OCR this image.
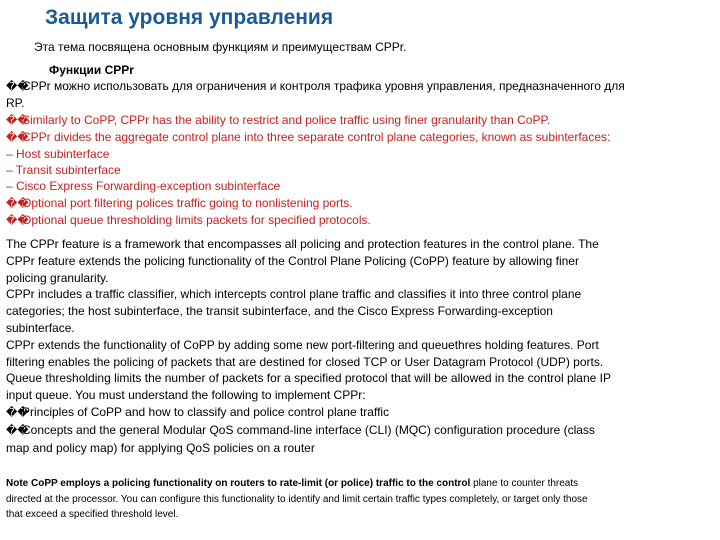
Защита уровня управления
Эта тема посвящена основным функциям и преимуществам CPPr.
Функции CPPr
��CPPr можно использовать для ограничения и контроля трафика уровня управления, предназначенного для
RP.
��Similarly to CoPP, CPPr has the ability to restrict and police traffic using finer granularity than CoPP.
��CPPr divides the aggregate control plane into three separate control plane categories, known as subinterfaces:
– Host subinterface
– Transit subinterface
– Cisco Express Forwarding-exception subinterface
��Optional port filtering polices traffic going to nonlistening ports.
��Optional queue thresholding limits packets for specified protocols.
The CPPr feature is a framework that encompasses all policing and protection features in the control plane. The
CPPr feature extends the policing functionality of the Control Plane Policing (CoPP) feature by allowing finer
policing granularity.
CPPr includes a traffic classifier, which intercepts control plane traffic and classifies it into three control plane
categories; the host subinterface, the transit subinterface, and the Cisco Express Forwarding-exception
subinterface.
CPPr extends the functionality of CoPP by adding some new port-filtering and queuethres holding features. Port
filtering enables the policing of packets that are destined for closed TCP or User Datagram Protocol (UDP) ports.
Queue thresholding limits the number of packets for a specified protocol that will be allowed in the control plane IP
input queue. You must understand the following to implement CPPr:
��Principles of CoPP and how to classify and police control plane traffic
��Concepts and the general Modular QoS command-line interface (CLI) (MQC) configuration procedure (class
map and policy map) for applying QoS policies on a router
Note CoPP employs a policing functionality on routers to rate-limit (or police) traffic to the control plane to counter threats
directed at the processor. You can configure this functionality to identify and limit certain traffic types completely, or target only those
that exceed a specified threshold level.
